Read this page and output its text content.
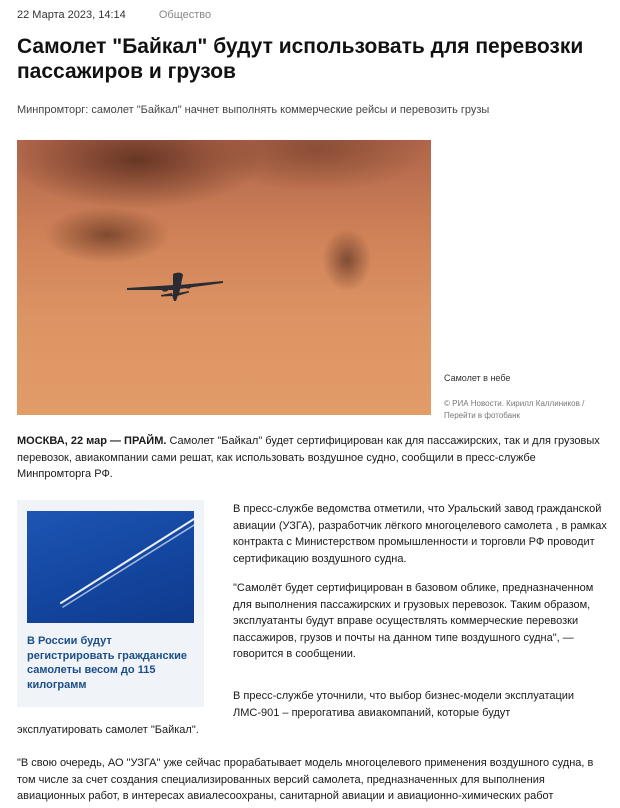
22 Марта 2023, 14:14	Общество
Самолет "Байкал" будут использовать для перевозки пассажиров и грузов

Минпромторг: самолет "Байкал" начнет выполнять коммерческие рейсы и перевозить грузы

Самолет в небе
© РИА Новости. Кирилл Каллиников / Перейти в фотобанк

МОСКВА, 22 мар — ПРАЙМ. Самолет "Байкал" будет сертифицирован как для пассажирских, так и для грузовых перевозок, авиакомпании сами решат, как использовать воздушное судно, сообщили в пресс-службе Минпромторга РФ.

В России будут регистрировать гражданские самолеты весом до 115 килограмм

В пресс-службе ведомства отметили, что Уральский завод гражданской авиации (УЗГА), разработчик лёгкого многоцелевого самолета , в рамках контракта с Министерством промышленности и торговли РФ проводит сертификацию воздушного судна.

"Самолёт будет сертифицирован в базовом облике, предназначенном для выполнения пассажирских и грузовых перевозок. Таким образом, эксплуатанты будут вправе осуществлять коммерческие перевозки пассажиров, грузов и почты на данном типе воздушного судна", — говорится в сообщении.

В пресс-службе уточнили, что выбор бизнес-модели эксплуатации ЛМС-901 – прерогатива авиакомпаний, которые будут

эксплуатировать самолет "Байкал".

"В свою очередь, АО "УЗГА" уже сейчас прорабатывает модель многоцелевого применения воздушного судна, в том числе за счет создания специализированных версий самолета, предназначенных для выполнения авиационных работ, в интересах авиалесоохраны, санитарной авиации и авиационно-химических работ
